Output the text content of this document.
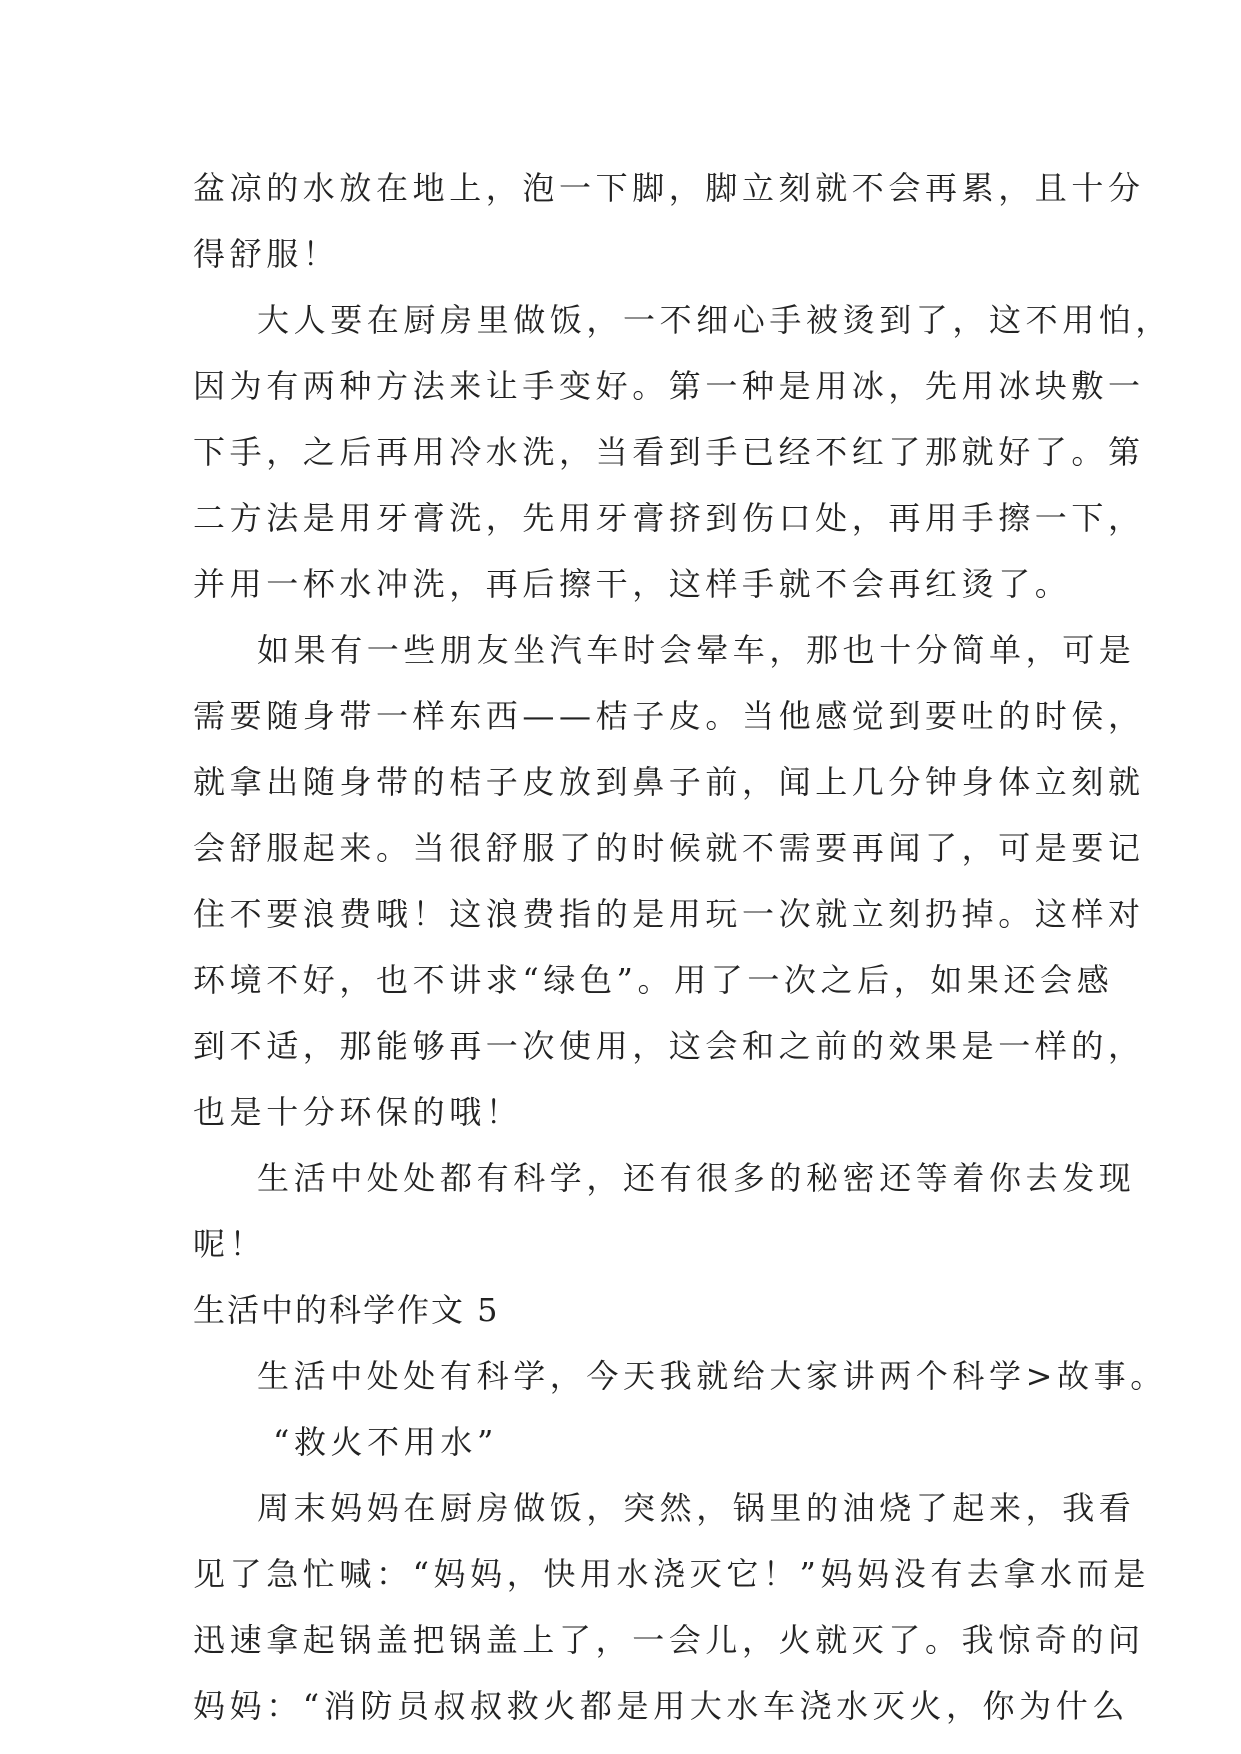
盆凉的水放在地上，泡一下脚，脚立刻就不会再累，且十分
得舒服！
大人要在厨房里做饭，一不细心手被烫到了，这不用怕，
因为有两种方法来让手变好。第一种是用冰，先用冰块敷一
下手，之后再用冷水洗，当看到手已经不红了那就好了。第
二方法是用牙膏洗，先用牙膏挤到伤口处，再用手擦一下，
并用一杯水冲洗，再后擦干，这样手就不会再红烫了。
如果有一些朋友坐汽车时会晕车，那也十分简单，可是
需要随身带一样东西——桔子皮。当他感觉到要吐的时侯，
就拿出随身带的桔子皮放到鼻子前，闻上几分钟身体立刻就
会舒服起来。当很舒服了的时候就不需要再闻了，可是要记
住不要浪费哦！这浪费指的是用玩一次就立刻扔掉。这样对
环境不好，也不讲求“绿色”。用了一次之后，如果还会感
到不适，那能够再一次使用，这会和之前的效果是一样的，
也是十分环保的哦！
生活中处处都有科学，还有很多的秘密还等着你去发现
呢！
生活中的科学作文 5
生活中处处有科学，今天我就给大家讲两个科学>故事。
“救火不用水”
周末妈妈在厨房做饭，突然，锅里的油烧了起来，我看
见了急忙喊：“妈妈，快用水浇灭它！”妈妈没有去拿水而是
迅速拿起锅盖把锅盖上了，一会儿，火就灭了。我惊奇的问
妈妈：“消防员叔叔救火都是用大水车浇水灭火，你为什么
